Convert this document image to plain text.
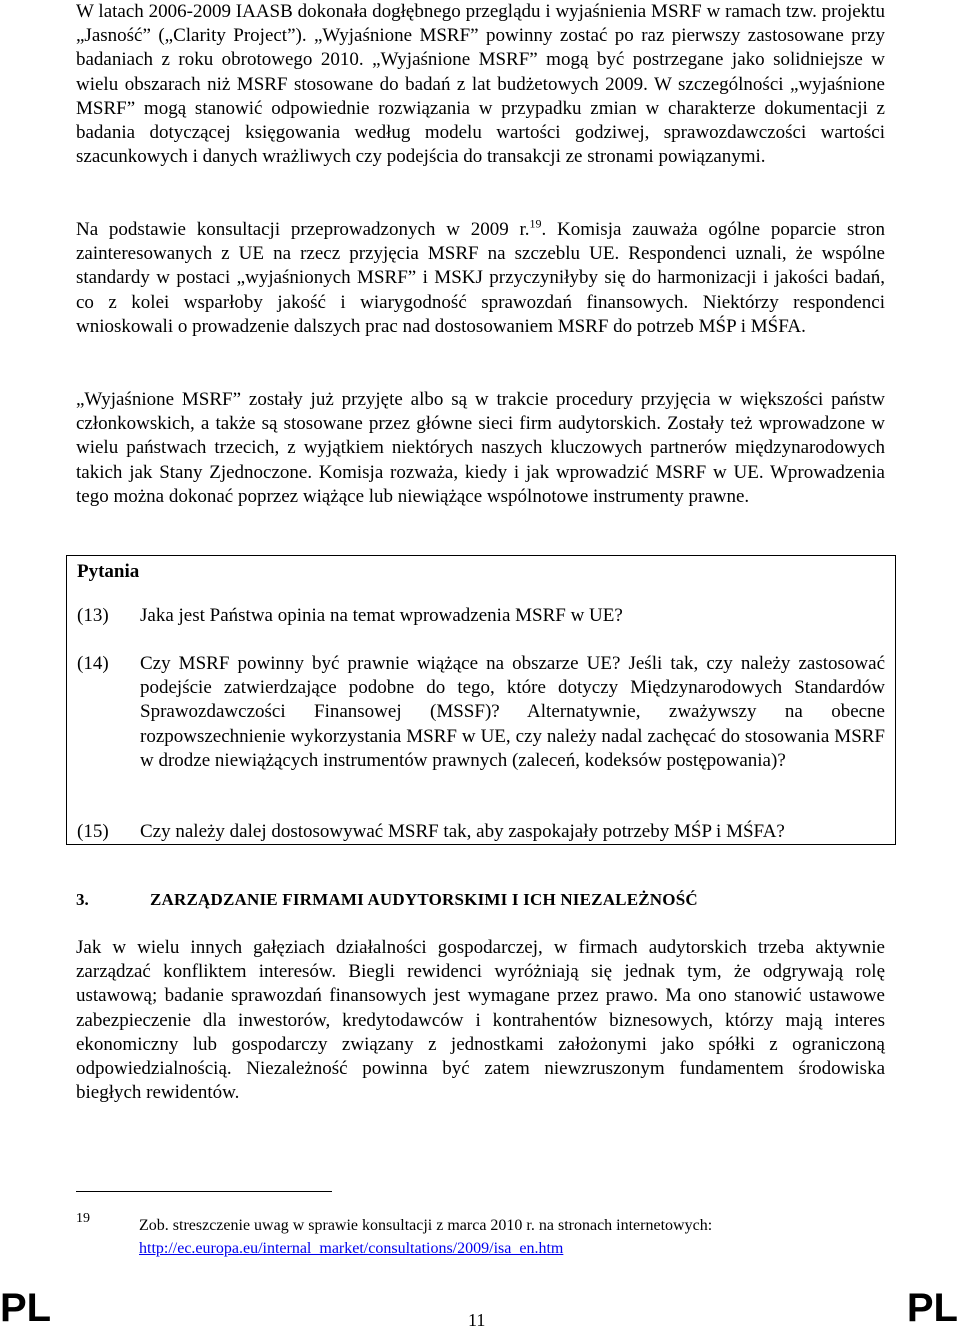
W latach 2006-2009 IAASB dokonała dogłębnego przeglądu i wyjaśnienia MSRF w ramach tzw. projektu „Jasność” („Clarity Project”). „Wyjaśnione MSRF” powinny zostać po raz pierwszy zastosowane przy badaniach z roku obrotowego 2010. „Wyjaśnione MSRF” mogą być postrzegane jako solidniejsze w wielu obszarach niż MSRF stosowane do badań z lat budżetowych 2009. W szczególności „wyjaśnione MSRF” mogą stanowić odpowiednie rozwiązania w przypadku zmian w charakterze dokumentacji z badania dotyczącej księgowania według modelu wartości godziwej, sprawozdawczości wartości szacunkowych i danych wrażliwych czy podejścia do transakcji ze stronami powiązanymi.

Na podstawie konsultacji przeprowadzonych w 2009 r.$^{19}$. Komisja zauważa ogólne poparcie stron zainteresowanych z UE na rzecz przyjęcia MSRF na szczeblu UE. Respondenci uznali, że wspólne standardy w postaci „wyjaśnionych MSRF” i MSKJ przyczyniłyby się do harmonizacji i jakości badań, co z kolei wsparłoby jakość i wiarygodność sprawozdań finansowych. Niektórzy respondenci wnioskowali o prowadzenie dalszych prac nad dostosowaniem MSRF do potrzeb MŚP i MŚFA.

„Wyjaśnione MSRF” zostały już przyjęte albo są w trakcie procedury przyjęcia w większości państw członkowskich, a także są stosowane przez główne sieci firm audytorskich. Zostały też wprowadzone w wielu państwach trzecich, z wyjątkiem niektórych naszych kluczowych partnerów międzynarodowych takich jak Stany Zjednoczone. Komisja rozważa, kiedy i jak wprowadzić MSRF w UE. Wprowadzenia tego można dokonać poprzez wiążące lub niewiążące wspólnotowe instrumenty prawne.

Pytania
(13)	Jaka jest Państwa opinia na temat wprowadzenia MSRF w UE?
(14)	Czy MSRF powinny być prawnie wiążące na obszarze UE? Jeśli tak, czy należy zastosować podejście zatwierdzające podobne do tego, które dotyczy Międzynarodowych Standardów Sprawozdawczości Finansowej (MSSF)? Alternatywnie, zważywszy na obecne rozpowszechnienie wykorzystania MSRF w UE, czy należy nadal zachęcać do stosowania MSRF w drodze niewiążących instrumentów prawnych (zaleceń, kodeksów postępowania)?
(15)	Czy należy dalej dostosowywać MSRF tak, aby zaspokajały potrzeby MŚP i MŚFA?
3.	ZARZĄDZANIE FIRMAMI AUDYTORSKIMI I ICH NIEZALEŻNOŚĆ

Jak w wielu innych gałęziach działalności gospodarczej, w firmach audytorskich trzeba aktywnie zarządzać konfliktem interesów. Biegli rewidenci wyróżniają się jednak tym, że odgrywają rolę ustawową; badanie sprawozdań finansowych jest wymagane przez prawo. Ma ono stanowić ustawowe zabezpieczenie dla inwestorów, kredytodawców i kontrahentów biznesowych, którzy mają interes ekonomiczny lub gospodarczy związany z jednostkami założonymi jako spółki z ograniczoną odpowiedzialnością. Niezależność powinna być zatem niewzruszonym fundamentem środowiska biegłych rewidentów.

19	Zob. streszczenie uwag w sprawie konsultacji z marca 2010 r. na stronach internetowych:
http://ec.europa.eu/internal_market/consultations/2009/isa_en.htm
PL	11	PL
